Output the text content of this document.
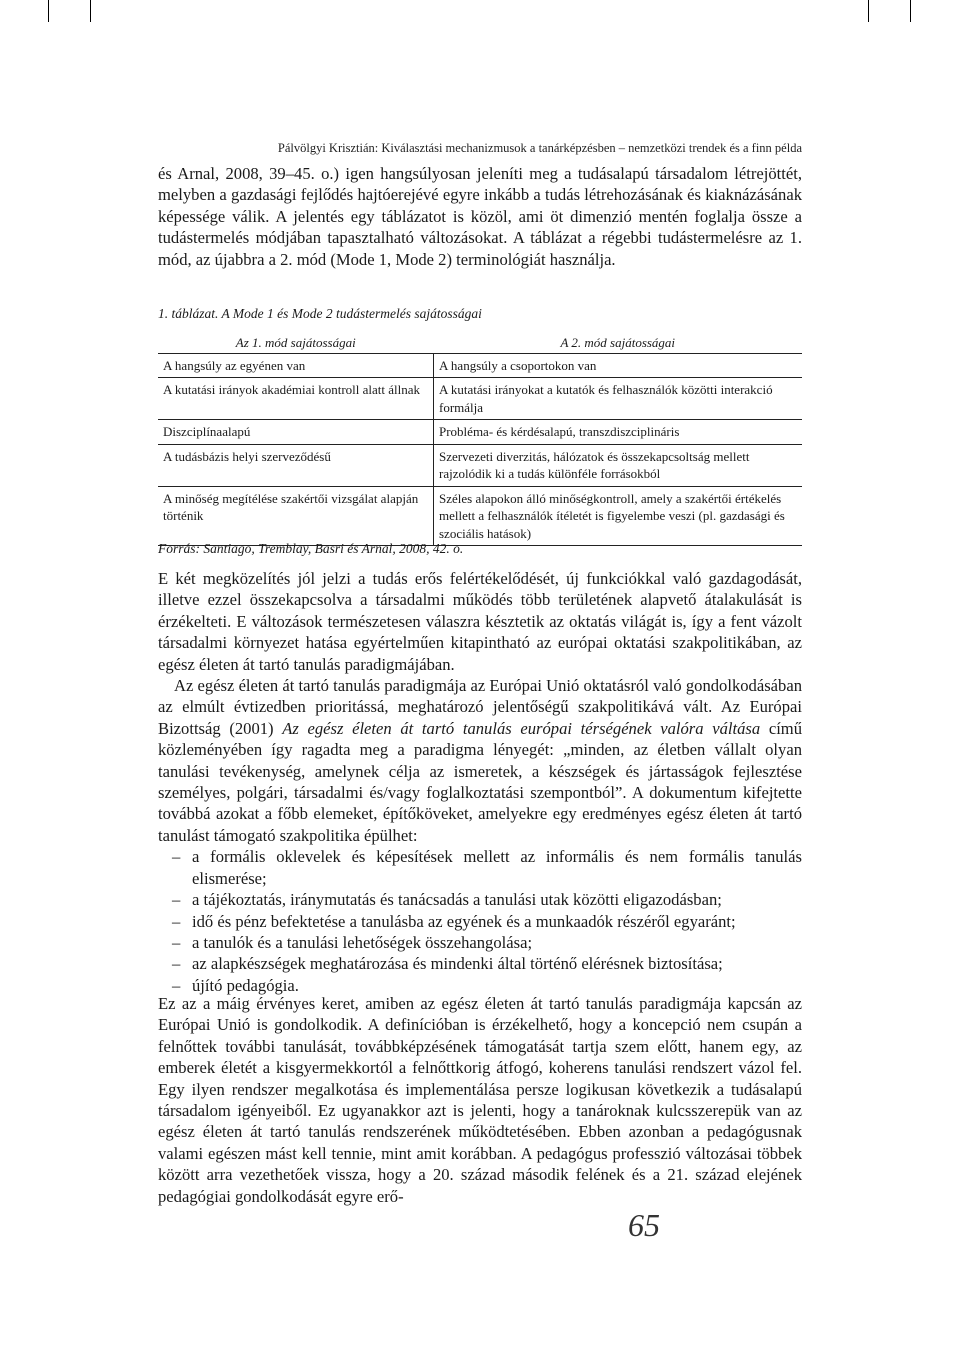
Pálvölgyi Krisztián: Kiválasztási mechanizmusok a tanárképzésben – nemzetközi trendek és a finn példa

és Arnal, 2008, 39–45. o.) igen hangsúlyosan jeleníti meg a tudásalapú társadalom létrejöttét, melyben a gazdasági fejlődés hajtóerejévé egyre inkább a tudás létrehozásának és kiaknázásának képessége válik. A jelentés egy táblázatot is közöl, ami öt dimenzió mentén foglalja össze a tudástermelés módjában tapasztalható változásokat. A táblázat a régebbi tudástermelésre az 1. mód, az újabbra a 2. mód (Mode 1, Mode 2) terminológiát használja.

1. táblázat. A Mode 1 és Mode 2 tudástermelés sajátosságai
Az 1. mód sajátosságai	A 2. mód sajátosságai
A hangsúly az egyénen van	A hangsúly a csoportokon van
A kutatási irányok akadémiai kontroll alatt állnak	A kutatási irányokat a kutatók és felhasználók közötti interakció formálja
Diszciplínaalapú	Probléma- és kérdésalapú, transzdiszciplináris
A tudásbázis helyi szerveződésű	Szervezeti diverzitás, hálózatok és összekapcsoltság mellett rajzolódik ki a tudás különféle forrásokból
A minőség megítélése szakértői vizsgálat alapján történik	Széles alapokon álló minőségkontroll, amely a szakértői értékelés mellett a felhasználók ítéletét is figyelembe veszi (pl. gazdasági és szociális hatások)
Forrás: Santiago, Tremblay, Basri és Arnal, 2008, 42. o.

E két megközelítés jól jelzi a tudás erős felértékelődését, új funkciókkal való gazdagodását, illetve ezzel összekapcsolva a társadalmi működés több területének alapvető átalakulását is érzékelteti. E változások természetesen válaszra késztetik az oktatás világát is, így a fent vázolt társadalmi környezet hatása egyértelműen kitapintható az európai oktatási szakpolitikában, az egész életen át tartó tanulás paradigmájában.

Az egész életen át tartó tanulás paradigmája az Európai Unió oktatásról való gondolkodásában az elmúlt évtizedben prioritássá, meghatározó jelentőségű szakpolitikává vált. Az Európai Bizottság (2001) Az egész életen át tartó tanulás európai térségének valóra váltása című közleményében így ragadta meg a paradigma lényegét: „minden, az életben vállalt olyan tanulási tevékenység, amelynek célja az ismeretek, a készségek és jártasságok fejlesztése személyes, polgári, társadalmi és/vagy foglalkoztatási szempontból”. A dokumentum kifejtette továbbá azokat a főbb elemeket, építőköveket, amelyekre egy eredményes egész életen át tartó tanulást támogató szakpolitika épülhet:

– a formális oklevelek és képesítések mellett az informális és nem formális tanulás elismerése;
– a tájékoztatás, iránymutatás és tanácsadás a tanulási utak közötti eligazodásban;
– idő és pénz befektetése a tanulásba az egyének és a munkaadók részéről egyaránt;
– a tanulók és a tanulási lehetőségek összehangolása;
– az alapkészségek meghatározása és mindenki által történő elérésnek biztosítása;
– újító pedagógia.

Ez az a máig érvényes keret, amiben az egész életen át tartó tanulás paradigmája kapcsán az Európai Unió is gondolkodik. A definícióban is érzékelhető, hogy a koncepció nem csupán a felnőttek további tanulását, továbbképzésének támogatását tartja szem előtt, hanem egy, az emberek életét a kisgyermekkortól a felnőttkorig átfogó, koherens tanulási rendszert vázol fel. Egy ilyen rendszer megalkotása és implementálása persze logikusan következik a tudásalapú társadalom igényeiből. Ez ugyanakkor azt is jelenti, hogy a tanároknak kulcsszerepük van az egész életen át tartó tanulás rendszerének működtetésében. Ebben azonban a pedagógusnak valami egészen mást kell tennie, mint amit korábban. A pedagógus professzió változásai többek között arra vezethetőek vissza, hogy a 20. század második felének és a 21. század elejének pedagógiai gondolkodását egyre erő-

65
